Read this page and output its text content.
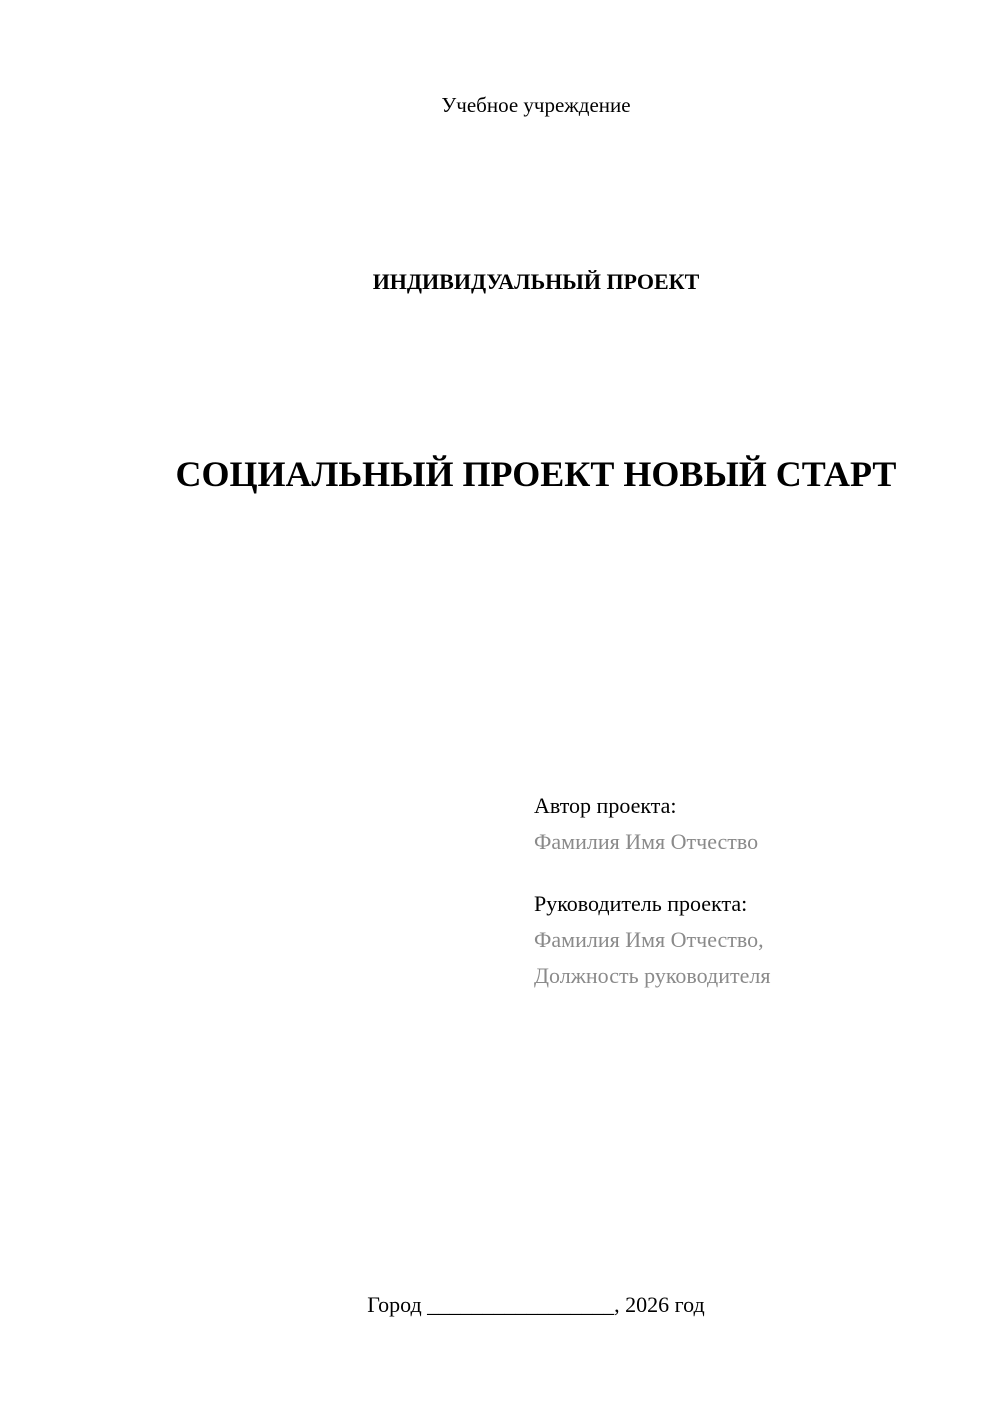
Учебное учреждение
ИНДИВИДУАЛЬНЫЙ ПРОЕКТ
СОЦИАЛЬНЫЙ ПРОЕКТ НОВЫЙ СТАРТ
Автор проекта:
Фамилия Имя Отчество
Руководитель проекта:
Фамилия Имя Отчество,
Должность руководителя
Город _________________, 2026 год
